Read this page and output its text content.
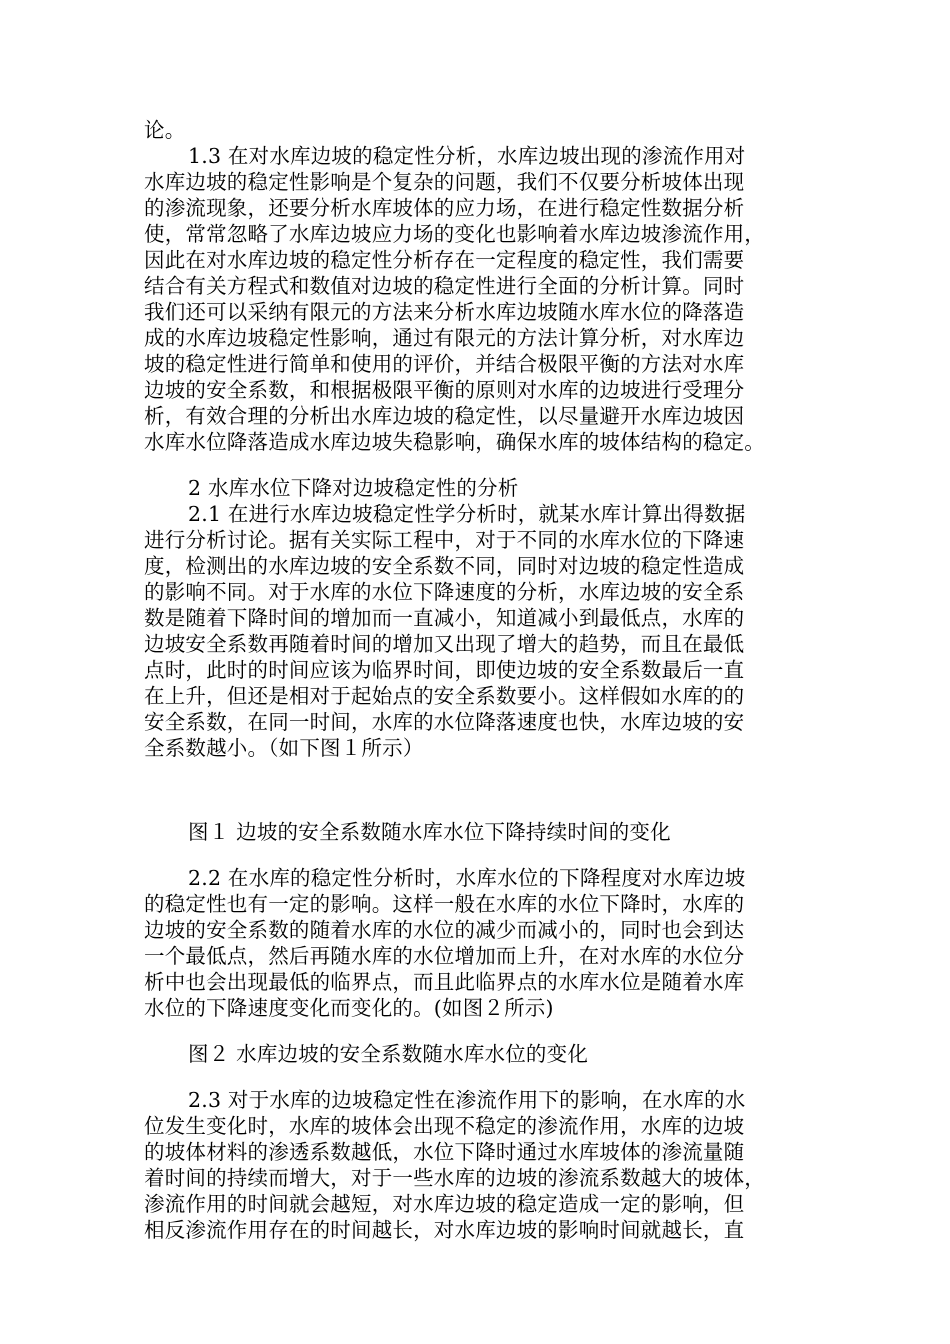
论。
1.3 在对水库边坡的稳定性分析，水库边坡出现的渗流作用对
水库边坡的稳定性影响是个复杂的问题，我们不仅要分析坡体出现
的渗流现象，还要分析水库坡体的应力场，在进行稳定性数据分析
使，常常忽略了水库边坡应力场的变化也影响着水库边坡渗流作用，
因此在对水库边坡的稳定性分析存在一定程度的稳定性，我们需要
结合有关方程式和数值对边坡的稳定性进行全面的分析计算。同时
我们还可以采纳有限元的方法来分析水库边坡随水库水位的降落造
成的水库边坡稳定性影响，通过有限元的方法计算分析，对水库边
坡的稳定性进行简单和使用的评价，并结合极限平衡的方法对水库
边坡的安全系数，和根据极限平衡的原则对水库的边坡进行受理分
析，有效合理的分析出水库边坡的稳定性，以尽量避开水库边坡因
水库水位降落造成水库边坡失稳影响，确保水库的坡体结构的稳定。
2 水库水位下降对边坡稳定性的分析
2.1 在进行水库边坡稳定性学分析时，就某水库计算出得数据
进行分析讨论。据有关实际工程中，对于不同的水库水位的下降速
度，检测出的水库边坡的安全系数不同，同时对边坡的稳定性造成
的影响不同。对于水库的水位下降速度的分析，水库边坡的安全系
数是随着下降时间的增加而一直减小，知道减小到最低点，水库的
边坡安全系数再随着时间的增加又出现了增大的趋势，而且在最低
点时，此时的时间应该为临界时间，即使边坡的安全系数最后一直
在上升，但还是相对于起始点的安全系数要小。这样假如水库的的
安全系数，在同一时间，水库的水位降落速度也快，水库边坡的安
全系数越小。（如下图１所示）
图１ 边坡的安全系数随水库水位下降持续时间的变化
2.2 在水库的稳定性分析时，水库水位的下降程度对水库边坡
的稳定性也有一定的影响。这样一般在水库的水位下降时，水库的
边坡的安全系数的随着水库的水位的减少而减小的，同时也会到达
一个最低点，然后再随水库的水位增加而上升，在对水库的水位分
析中也会出现最低的临界点，而且此临界点的水库水位是随着水库
水位的下降速度变化而变化的。(如图２所示)
图２ 水库边坡的安全系数随水库水位的变化
2.3 对于水库的边坡稳定性在渗流作用下的影响，在水库的水
位发生变化时，水库的坡体会出现不稳定的渗流作用，水库的边坡
的坡体材料的渗透系数越低，水位下降时通过水库坡体的渗流量随
着时间的持续而增大，对于一些水库的边坡的渗流系数越大的坡体，
渗流作用的时间就会越短，对水库边坡的稳定造成一定的影响，但
相反渗流作用存在的时间越长，对水库边坡的影响时间就越长，直
